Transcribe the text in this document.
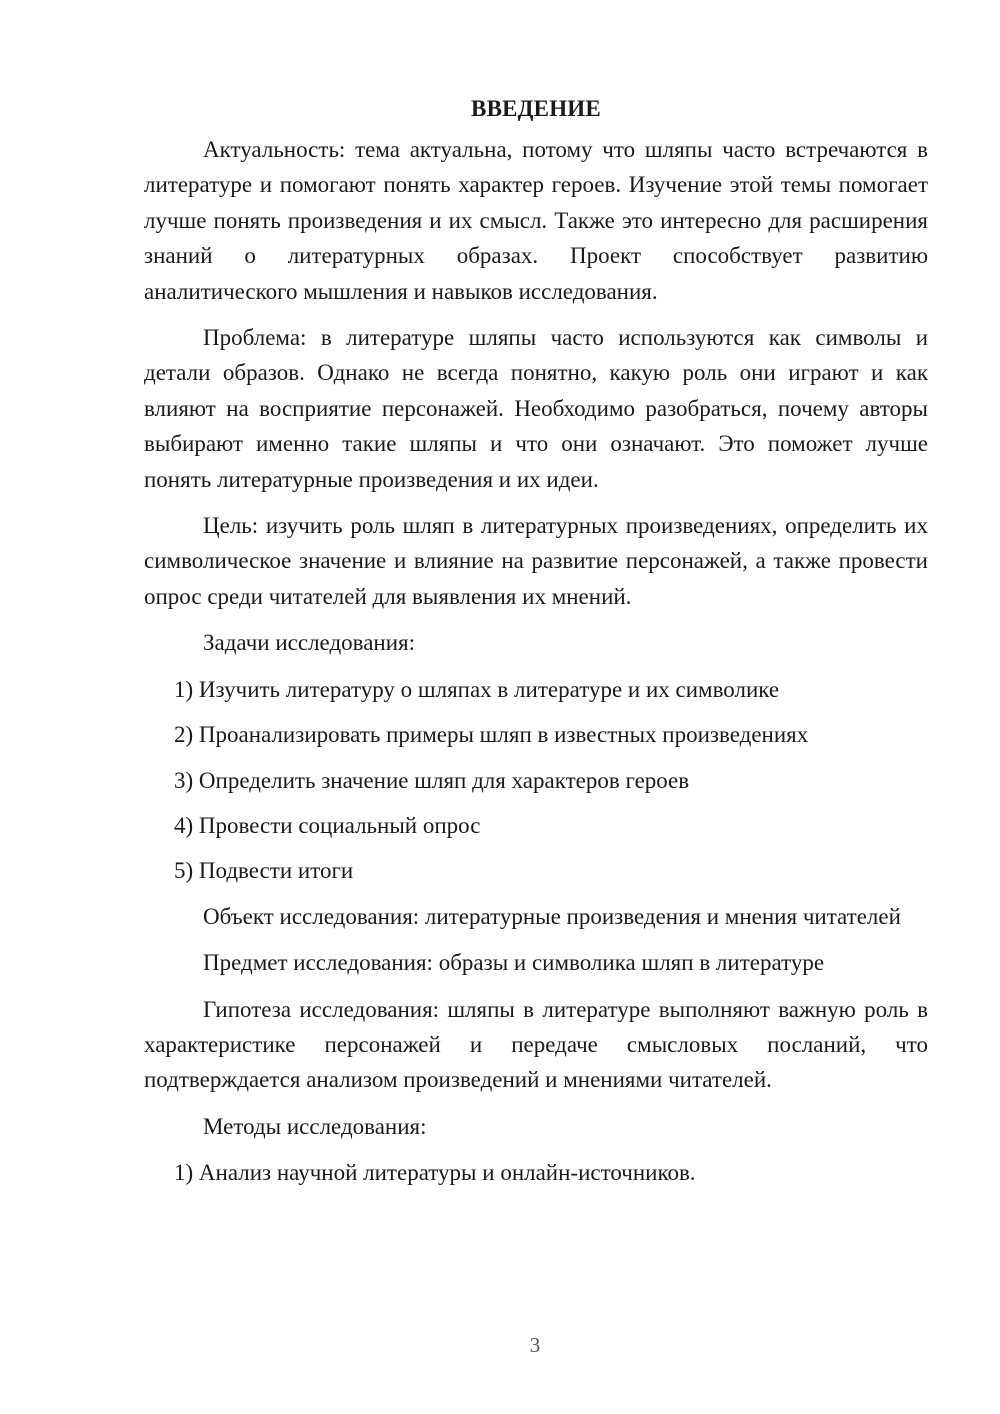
ВВЕДЕНИЕ

Актуальность: тема актуальна, потому что шляпы часто встречаются в литературе и помогают понять характер героев. Изучение этой темы помогает лучше понять произведения и их смысл. Также это интересно для расширения знаний о литературных образах. Проект способствует развитию аналитического мышления и навыков исследования.

Проблема: в литературе шляпы часто используются как символы и детали образов. Однако не всегда понятно, какую роль они играют и как влияют на восприятие персонажей. Необходимо разобраться, почему авторы выбирают именно такие шляпы и что они означают. Это поможет лучше понять литературные произведения и их идеи.

Цель: изучить роль шляп в литературных произведениях, определить их символическое значение и влияние на развитие персонажей, а также провести опрос среди читателей для выявления их мнений.

Задачи исследования:

1) Изучить литературу о шляпах в литературе и их символике
2) Проанализировать примеры шляп в известных произведениях
3) Определить значение шляп для характеров героев
4) Провести социальный опрос
5) Подвести итоги

Объект исследования: литературные произведения и мнения читателей

Предмет исследования: образы и символика шляп в литературе

Гипотеза исследования: шляпы в литературе выполняют важную роль в характеристике персонажей и передаче смысловых посланий, что подтверждается анализом произведений и мнениями читателей.

Методы исследования:

1) Анализ научной литературы и онлайн-источников.
3
